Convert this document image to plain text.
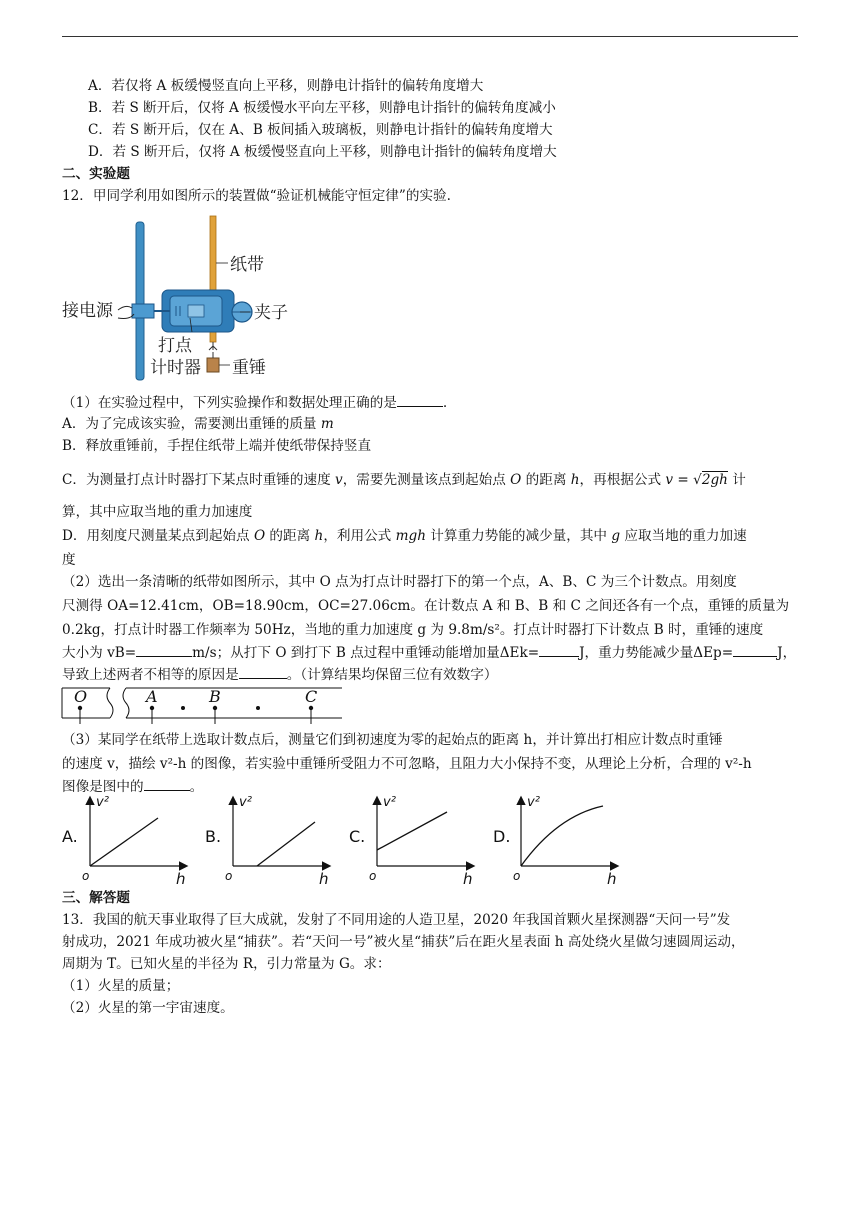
A．若仅将 A 板缓慢竖直向上平移，则静电计指针的偏转角度增大
B．若 S 断开后，仅将 A 板缓慢水平向左平移，则静电计指针的偏转角度减小
C．若 S 断开后，仅在 A、B 板间插入玻璃板，则静电计指针的偏转角度增大
D．若 S 断开后，仅将 A 板缓慢竖直向上平移，则静电计指针的偏转角度增大
二、实验题
12．甲同学利用如图所示的装置做“验证机械能守恒定律”的实验.
纸带
夹子
接电源
打点
计时器 重锤
（1）在实验过程中，下列实验操作和数据处理正确的是	.
A．为了完成该实验，需要测出重锤的质量 m
B．释放重锤前，手捏住纸带上端并使纸带保持竖直
C．为测量打点计时器打下某点时重锤的速度 v，需要先测量该点到起始点 O 的距离 h，再根据公式 v = √2gh 计
算，其中应取当地的重力加速度
D．用刻度尺测量某点到起始点 O 的距离 h，利用公式 mgh 计算重力势能的减少量，其中 g 应取当地的重力加速
度
（2）选出一条清晰的纸带如图所示，其中 O 点为打点计时器打下的第一个点，A、B、C 为三个计数点。用刻度
尺测得 OA=12.41cm，OB=18.90cm，OC=27.06cm。在计数点 A 和 B、B 和 C 之间还各有一个点，重锤的质量为
0.2kg，打点计时器工作频率为 50Hz，当地的重力加速度 g 为 9.8m/s²。打点计时器打下计数点 B 时，重锤的速度
大小为 vB=	m/s；从打下 O 到打下 B 点过程中重锤动能增加量ΔEk=	J，重力势能减少量ΔEp=	J，
导致上述两者不相等的原因是	。（计算结果均保留三位有效数字）
O	A	B	C
（3）某同学在纸带上选取计数点后，测量它们到初速度为零的起始点的距离 h，并计算出打相应计数点时重锤
的速度 v，描绘 v²-h 的图像，若实验中重锤所受阻力不可忽略，且阻力大小保持不变，从理论上分析，合理的 v²-h
图像是图中的	。
A.
v²
h
o
B.
v²
h
o
C.
v²
h
o
D.
v²
h
o
三、解答题
13．我国的航天事业取得了巨大成就，发射了不同用途的人造卫星，2020 年我国首颗火星探测器“天问一号”发
射成功，2021 年成功被火星“捕获”。若“天问一号”被火星“捕获”后在距火星表面 h 高处绕火星做匀速圆周运动，
周期为 T。已知火星的半径为 R，引力常量为 G。求：
（1）火星的质量；
（2）火星的第一宇宙速度。
